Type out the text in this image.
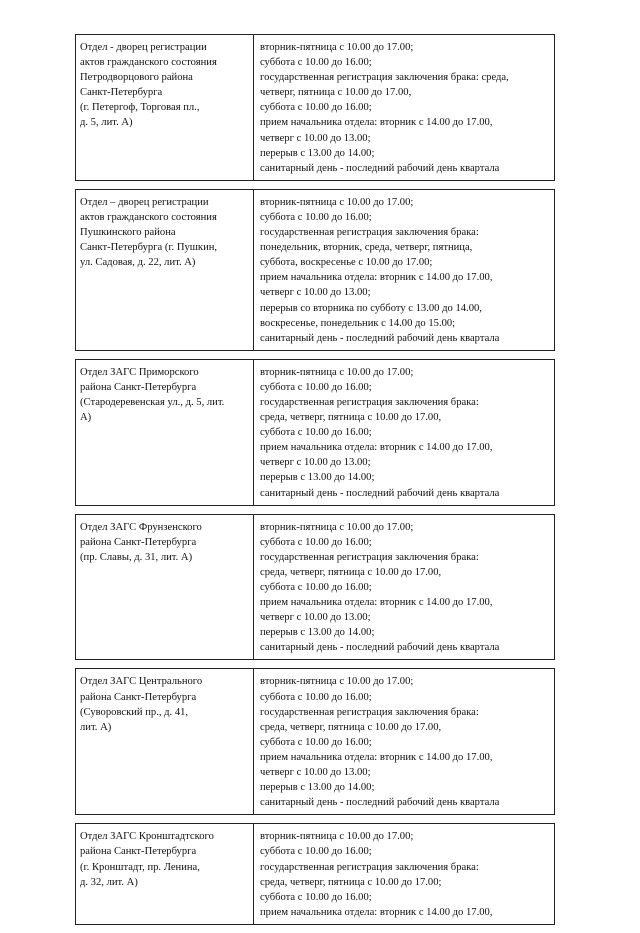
Отдел - дворец регистрации
актов гражданского состояния
Петродворцового района
Санкт-Петербурга
(г. Петергоф, Торговая пл.,
д. 5, лит. А)
вторник-пятница с 10.00 до 17.00;
суббота с 10.00 до 16.00;
государственная регистрация заключения брака: среда,
четверг, пятница с 10.00 до 17.00,
суббота с 10.00 до 16.00;
прием начальника отдела: вторник с 14.00 до 17.00,
четверг с 10.00 до 13.00;
перерыв с 13.00 до 14.00;
санитарный день - последний рабочий день квартала
Отдел – дворец регистрации
актов гражданского состояния
Пушкинского района
Санкт-Петербурга (г. Пушкин,
ул. Садовая, д. 22, лит. А)
вторник-пятница с 10.00 до 17.00;
суббота с 10.00 до 16.00;
государственная регистрация заключения брака:
понедельник, вторник, среда, четверг, пятница,
суббота, воскресенье с 10.00 до 17.00;
прием начальника отдела: вторник с 14.00 до 17.00,
четверг с 10.00 до 13.00;
перерыв со вторника по субботу с 13.00 до 14.00,
воскресенье, понедельник с 14.00 до 15.00;
санитарный день - последний рабочий день квартала
Отдел ЗАГС Приморского
района Санкт-Петербурга
(Стародеревенская ул., д. 5, лит.
А)
вторник-пятница с 10.00 до 17.00;
суббота с 10.00 до 16.00;
государственная регистрация заключения брака:
среда, четверг, пятница с 10.00 до 17.00,
суббота с 10.00 до 16.00;
прием начальника отдела: вторник с 14.00 до 17.00,
четверг с 10.00 до 13.00;
перерыв с 13.00 до 14.00;
санитарный день - последний рабочий день квартала
Отдел ЗАГС Фрунзенского
района Санкт-Петербурга
(пр. Славы, д. 31, лит. А)
вторник-пятница с 10.00 до 17.00;
суббота с 10.00 до 16.00;
государственная регистрация заключения брака:
среда, четверг, пятница с 10.00 до 17.00,
суббота с 10.00 до 16.00;
прием начальника отдела: вторник с 14.00 до 17.00,
четверг с 10.00 до 13.00;
перерыв с 13.00 до 14.00;
санитарный день - последний рабочий день квартала
Отдел ЗАГС Центрального
района Санкт-Петербурга
(Суворовский пр., д. 41,
лит. А)
вторник-пятница с 10.00 до 17.00;
суббота с 10.00 до 16.00;
государственная регистрация заключения брака:
среда, четверг, пятница с 10.00 до 17.00,
суббота с 10.00 до 16.00;
прием начальника отдела: вторник с 14.00 до 17.00,
четверг с 10.00 до 13.00;
перерыв с 13.00 до 14.00;
санитарный день - последний рабочий день квартала
Отдел ЗАГС Кронштадтского
района Санкт-Петербурга
(г. Кронштадт, пр. Ленина,
д. 32, лит. А)
вторник-пятница с 10.00 до 17.00;
суббота с 10.00 до 16.00;
государственная регистрация заключения брака:
среда, четверг, пятница с 10.00 до 17.00;
суббота с 10.00 до 16.00;
прием начальника отдела: вторник с 14.00 до 17.00,
